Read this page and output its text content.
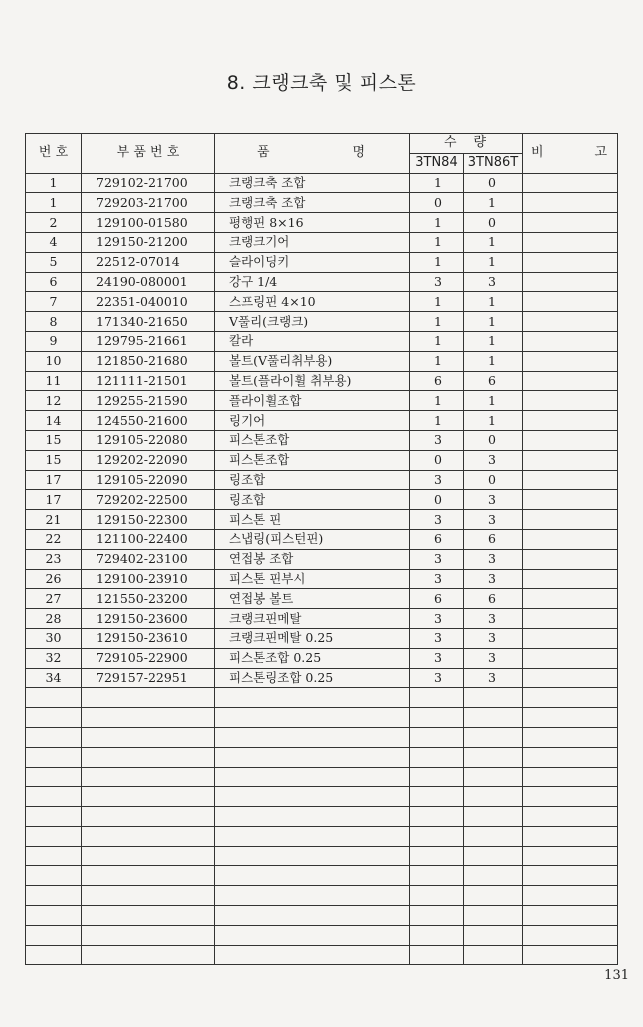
8. 크랭크축 및 피스톤
번 호	부 품 번 호	품 명	수 량		비 고

			3TN84	3TN86T	
1	729102-21700	크랭크축 조합	1	0	
1	729203-21700	크랭크축 조합	0	1	
2	129100-01580	평행핀 8×16	1	0	
4	129150-21200	크랭크기어	1	1	
5	22512-07014	슬라이딩키	1	1	
6	24190-080001	강구 1/4	3	3	
7	22351-040010	스프링핀 4×10	1	1	
8	171340-21650	V풀리(크랭크)	1	1	
9	129795-21661	칼라	1	1	
10	121850-21680	볼트(V풀리취부용)	1	1	
11	121111-21501	볼트(플라이휠 취부용)	6	6	
12	129255-21590	플라이휠조합	1	1	
14	124550-21600	링기어	1	1	
15	129105-22080	피스톤조합	3	0	
15	129202-22090	피스톤조합	0	3	
17	129105-22090	링조합	3	0	
17	729202-22500	링조합	0	3	
21	129150-22300	피스톤 핀	3	3	
22	121100-22400	스냅링(피스턴핀)	6	6	
23	729402-23100	연접봉 조합	3	3	
26	129100-23910	피스톤 핀부시	3	3	
27	121550-23200	연접봉 볼트	6	6	
28	129150-23600	크랭크핀메탈	3	3	
30	129150-23610	크랭크핀메탈 0.25	3	3	
32	729105-22900	피스톤조합 0.25	3	3	
34	729157-22951	피스톤링조합 0.25	3	3	

131
